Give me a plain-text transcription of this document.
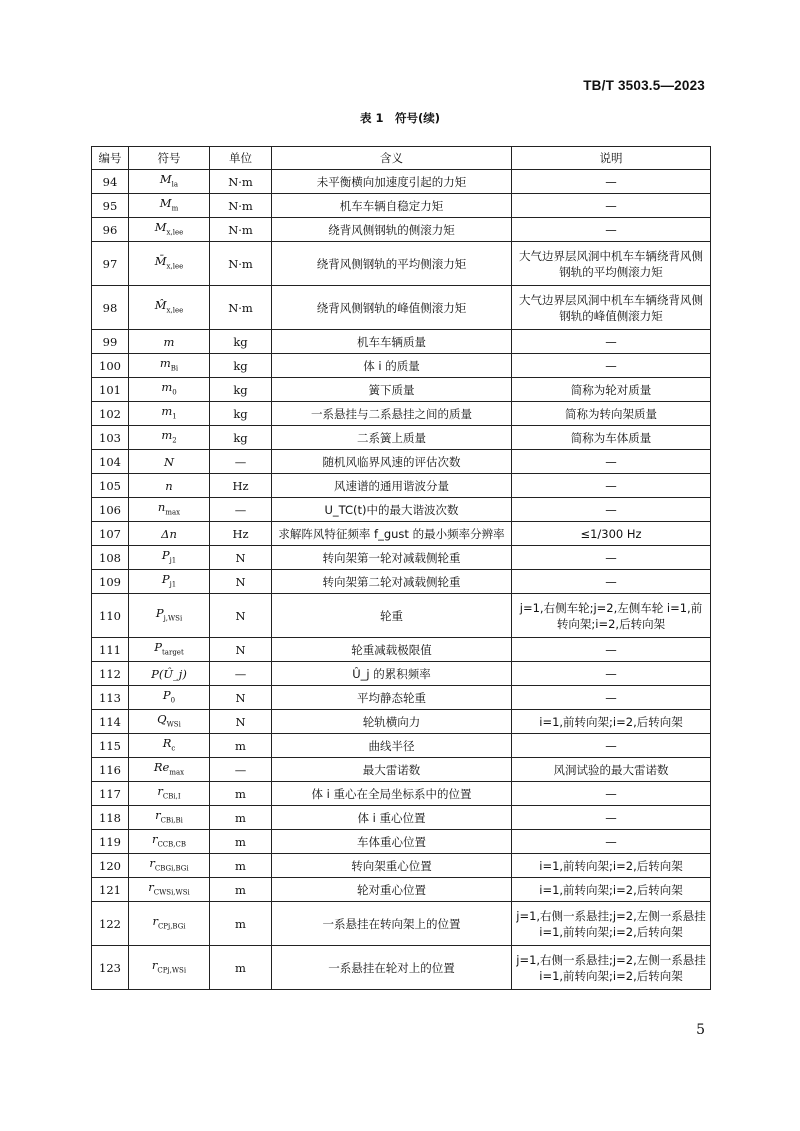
TB/T 3503.5—2023
表 1　符号(续)
编号	符号	单位	含义	说明
94	$M_{la}$	N·m	未平衡横向加速度引起的力矩	—
95	$M_m$	N·m	机车车辆自稳定力矩	—
96	$M_{x,lee}$	N·m	绕背风侧钢轨的侧滚力矩	—
97	$M̄_{x,lee}$	N·m	绕背风侧钢轨的平均侧滚力矩	大气边界层风洞中机车车辆绕背风侧钢轨的平均侧滚力矩
98	$M̂_{x,lee}$	N·m	绕背风侧钢轨的峰值侧滚力矩	大气边界层风洞中机车车辆绕背风侧钢轨的峰值侧滚力矩
99	m	kg	机车车辆质量	—
100	$m_{Bi}$	kg	体 i 的质量	—
101	$m_0$	kg	簧下质量	简称为轮对质量
102	$m_1$	kg	一系悬挂与二系悬挂之间的质量	简称为转向架质量
103	$m_2$	kg	二系簧上质量	简称为车体质量
104	N	—	随机风临界风速的评估次数	—
105	n	Hz	风速谱的通用谐波分量	—
106	$n_{max}$	—	U_TC(t)中的最大谐波次数	—
107	Δn	Hz	求解阵风特征频率 f_gust 的最小频率分辨率	≤1/300 Hz
108	$P_{j1}$	N	转向架第一轮对减载侧轮重	—
109	$P_{j1}$	N	转向架第二轮对减载侧轮重	—
110	$P_{j,WSi}$	N	轮重	j=1,右侧车轮;j=2,左侧车轮 i=1,前转向架;i=2,后转向架
111	$P_{target}$	N	轮重减载极限值	—
112	P(Û_j)	—	Û_j 的累积频率	—
113	$P_0$	N	平均静态轮重	—
114	$Q_{WSi}$	N	轮轨横向力	i=1,前转向架;i=2,后转向架
115	$R_c$	m	曲线半径	—
116	$Re_{max}$	—	最大雷诺数	风洞试验的最大雷诺数
117	$r_{CBi,I}$	m	体 i 重心在全局坐标系中的位置	—
118	$r_{CBi,Bi}$	m	体 i 重心位置	—
119	$r_{CCB,CB}$	m	车体重心位置	—
120	$r_{CBGi,BGi}$	m	转向架重心位置	i=1,前转向架;i=2,后转向架
121	$r_{CWSi,WSi}$	m	轮对重心位置	i=1,前转向架;i=2,后转向架
122	$r_{CPj,BGi}$	m	一系悬挂在转向架上的位置	j=1,右侧一系悬挂;j=2,左侧一系悬挂 i=1,前转向架;i=2,后转向架
123	$r_{CPj,WSi}$	m	一系悬挂在轮对上的位置	j=1,右侧一系悬挂;j=2,左侧一系悬挂 i=1,前转向架;i=2,后转向架
5
